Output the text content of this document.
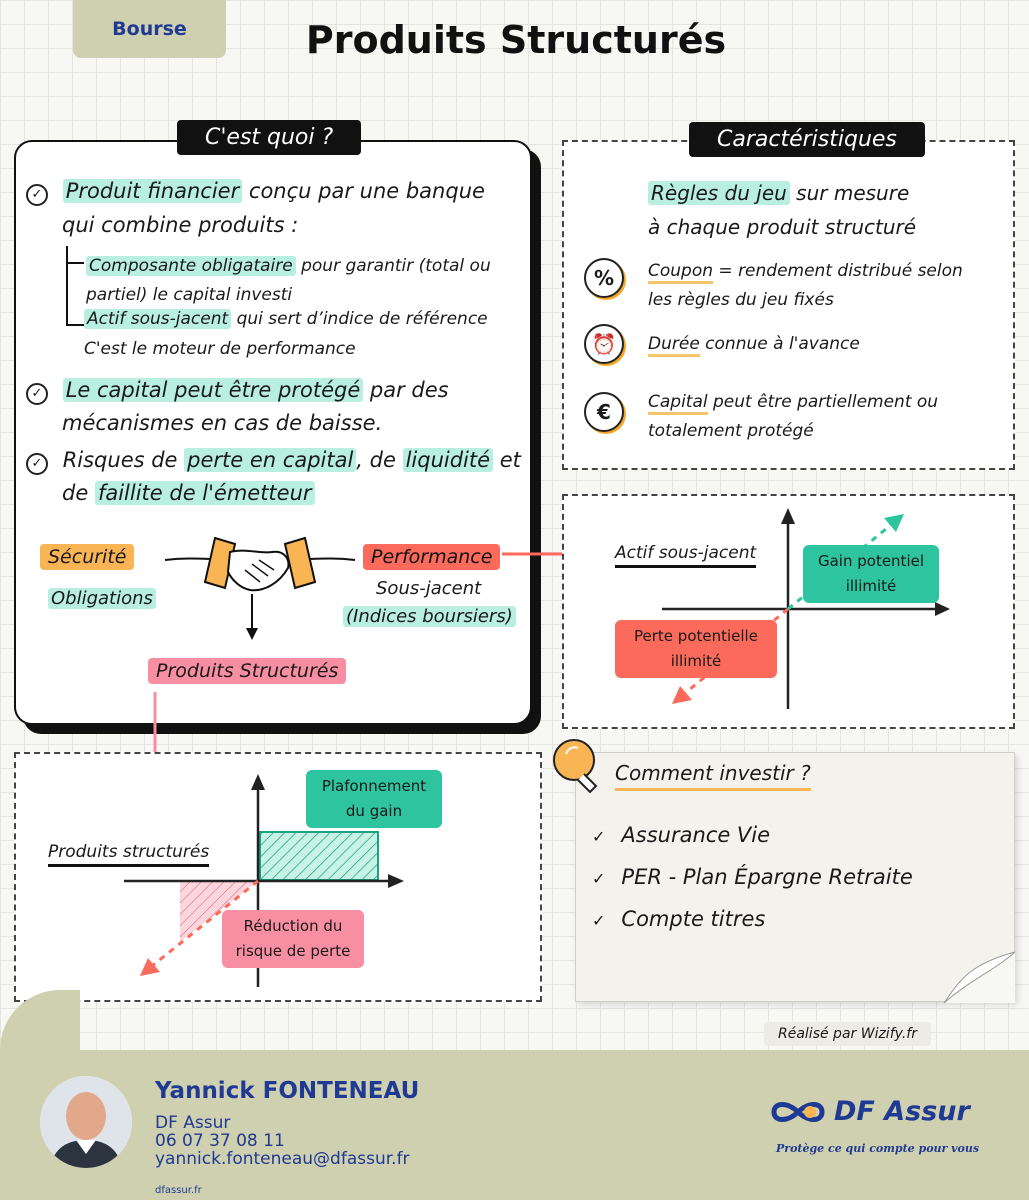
Bourse	Produits Structurés
C'est quoi ?
✓ Produit financier conçu par une banque
qui combine produits :
Composante obligataire pour garantir (total ou
partiel) le capital investi
Actif sous-jacent qui sert d’indice de référence
C'est le moteur de performance
✓ Le capital peut être protégé par des
mécanismes en cas de baisse.
✓ Risques de perte en capital , de liquidité et
de faillite de l'émetteur
Sécurité
Obligations
Performance
Sous-jacent
(Indices boursiers)
Produits Structurés
Caractéristiques
Règles du jeu sur mesure
à chaque produit structuré
%	Coupon = rendement distribué selon
les règles du jeu fixés
⏰	Durée connue à l'avance
€	Capital peut être partiellement ou
totalement protégé
Actif sous-jacent	Gain potentiel
illimité
Perte potentielle
illimité
Produits structurés
Plafonnement
du gain
Réduction du
risque de perte
Comment investir ?
✓ Assurance Vie
✓ PER - Plan Épargne Retraite
✓ Compte titres
Réalisé par Wizify.fr
Yannick FONTENEAU
DF Assur
06 07 37 08 11
yannick.fonteneau@dfassur.fr
dfassur.fr
DF Assur
Protège ce qui compte pour vous
